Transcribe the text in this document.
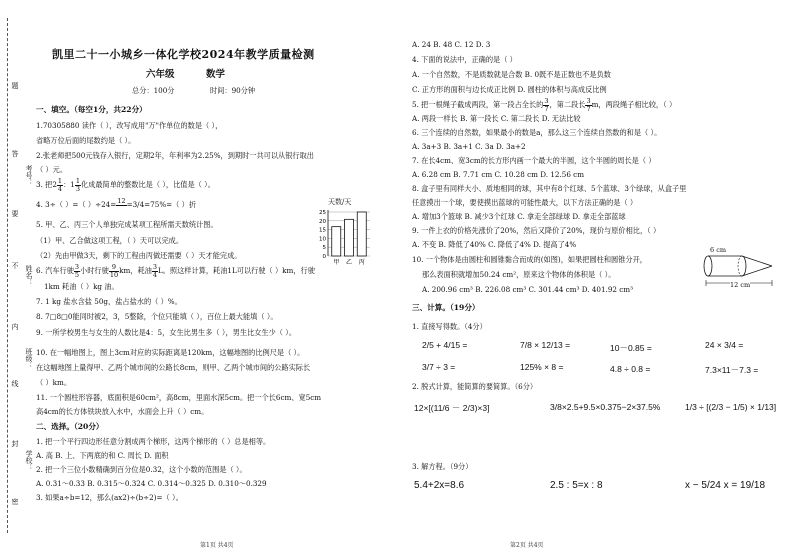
题
答
要
不
内
线
封
密
考号：
姓名：
班级：
学校：
凯里二十一小城乡一体化学校2024年教学质量检测
六年级	数学
总分：100分	时间：90分钟
一、填空。（每空1分，共22分）
1.70305880 读作（ ），改写成用"万"作单位的数是（ ），
省略万位后面的尾数约是（ ）。
2.张老师把500元钱存入银行，定期2年，年利率为2.25%，到期时一共可以从银行取出
（ ）元。
3. 把$2 \frac{1}{4}$ ：$1 \frac{1}{3}$ 化成最简单的整数比是（ ），比值是（ ）。
4. 3÷（ ）=（ ）÷24= 12
  =3/4=75%=（ ）折
5. 甲、乙、丙三个人单独完成某项工程所需天数统计图。
（1）甲、乙合做这项工程，（ ）天可以完成。
（2）先由甲做3天，剩下的工程由丙做还需要（ ）天才能完成。
6. 汽车行驶 $\frac{3}{5}$ 小时行驶 $\frac{9}{10}$ km，耗油 $\frac{3}{4}$ L。照这样计算，耗油1L可以行驶（ ）km，行驶
1km 耗油（ ）kg 油。
7. 1 kg 盐水含盐 50g，盐占盐水的（ ）%。
8. 7□8□0能同时被2，3，5整除，个位只能填（ ），百位上最大能填（ ）。
9. 一所学校男生与女生的人数比是4：5，女生比男生多（ ），男生比女生少（ ）。
10. 在一幅地图上，图上3cm对应的实际距离是120km，这幅地图的比例尺是（ ）。
在这幅地图上量得甲、乙两个城市间的公路长8cm，则甲、乙两个城市间的公路实际长
（ ）km。
11. 一个圆柱形容器，底面积是60cm²，高8cm，里面水深5cm。把一个长6cm、宽5cm
高4cm的长方体铁块放入水中，水面会上升（ ）cm。
二、选择。（20分）
1. 把一个平行四边形任意分割成两个梯形，这两个梯形的（ ）总是相等。
A. 高 B. 上、下两底的和 C. 周长 D. 面积
2. 把一个三位小数精确到百分位是0.32，这个小数的范围是（ ）。
A. 0.31～0.33 B. 0.315～0.324 C. 0.314～0.325 D. 0.310～0.329
3. 如果a÷b=12，那么(ax2)÷(b÷2)=（ ）。
第1页 共4页
天数/天
25
20
15
10
5
0
甲 乙 丙
A. 24 B. 48 C. 12 D. 3
4. 下面的说法中，正确的是（ ）
A. 一个自然数，不是质数就是合数 B. 0既不是正数也不是负数
C. 正方形的面积与边长成正比例 D. 圆柱的体积与高成反比例
5. 把一根绳子截成两段，第一段占全长的 $\frac{3}{7}$ ，第二段长 $\frac{3}{7}$ m，两段绳子相比较，（ ）
A. 两段一样长 B. 第一段长 C. 第二段长 D. 无法比较
6. 三个连续的自然数，如果最小的数是a，那么这三个连续自然数的和是（ ）。
A. 3a+3 B. 3a+1 C. 3a D. 3a+2
7. 在长4cm、宽3cm的长方形内画一个最大的半圆，这个半圆的周长是（ ）
A. 6.28 cm B. 7.71 cm C. 10.28 cm D. 12.56 cm
8. 盒子里有同样大小、质地相同的球，其中有8个红球、5个蓝球、3个绿球，从盒子里
任意摸出一个球，要使摸出蓝球的可能性最大，以下方法正确的是（ ）
A. 增加3个篮球 B. 减少3个红球 C. 拿走全部绿球 D. 拿走全部蓝球
9. 一件上衣的价格先涨价了20%，然后又降价了20%，现价与原价相比，（ ）
A. 不变 B. 降低了40% C. 降低了4% D. 提高了4%
10. 一个物体是由圆柱和圆锥黏合而成的(如图)，如果把圆柱和圆锥分开，
那么表面积就增加50.24 cm²，原来这个物体的体积是（ ）。
A. 200.96 cm³ B. 226.08 cm³ C. 301.44 cm³ D. 401.92 cm³
6 cm
12 cm
三、计算。（19分）
1. 直接写得数。（4分）
2/5 + 4/15 =	7/8 × 12/13 =	10－0.85 =	24 × 3/4 =
3/7 ÷ 3 =	125% × 8 =	4.8 ÷ 0.8 =	7.3×11－7.3 =
2. 脱式计算，能简算的要简算。（6分）
12×[(11/6 － 2/3)×3]	3/8×2.5+9.5×0.375−2×37.5%	1/3 ÷ [(2/3 − 1/5) × 1/13]
3. 解方程。（9分）
5.4+2x=8.6	2.5 : 5=x : 8	x − 5/24 x = 19/18
第2页 共4页
